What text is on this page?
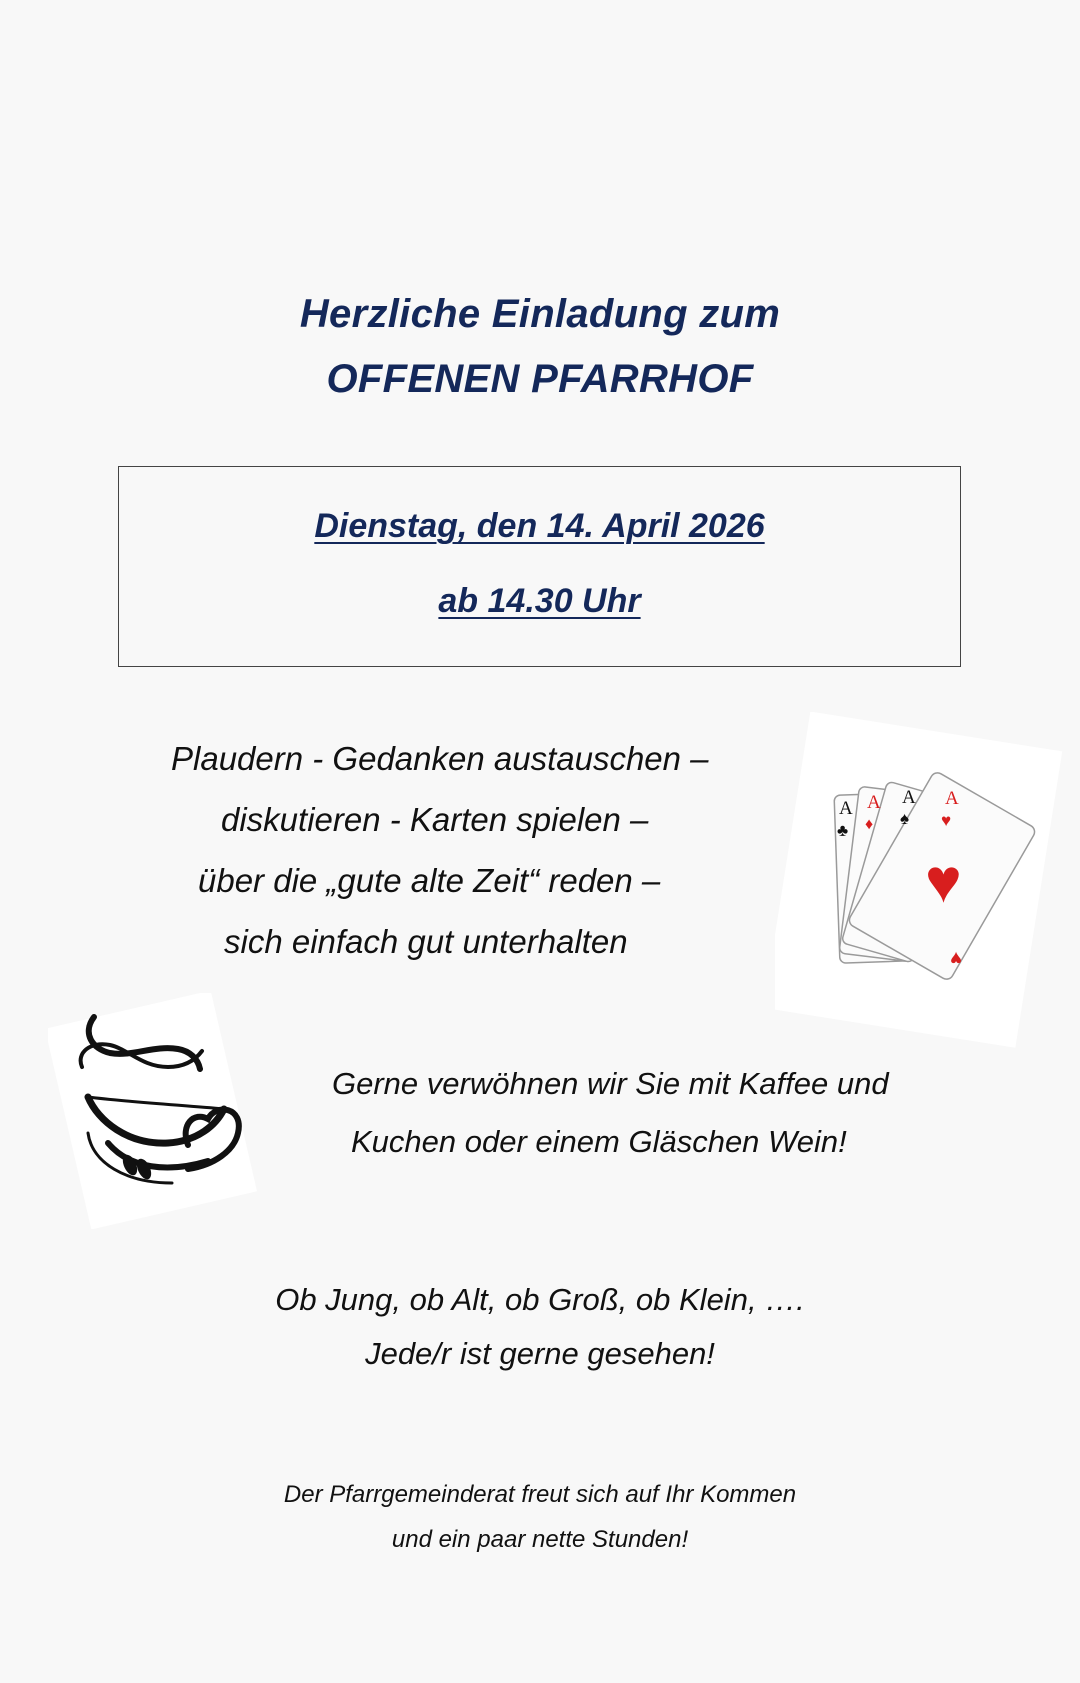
Herzliche Einladung zum
OFFENEN PFARRHOF
Dienstag, den 14. April 2026
ab 14.30 Uhr
Plaudern - Gedanken austauschen –
diskutieren - Karten spielen –
über die „gute alte Zeit“ reden –
sich einfach gut unterhalten
A A A A
♣ ♦ ♠ ♥
♥
♥
Gerne verwöhnen wir Sie mit Kaffee und
Kuchen oder einem Gläschen Wein!
Ob Jung, ob Alt, ob Groß, ob Klein, ….
Jede/r ist gerne gesehen!
Der Pfarrgemeinderat freut sich auf Ihr Kommen
und ein paar nette Stunden!
